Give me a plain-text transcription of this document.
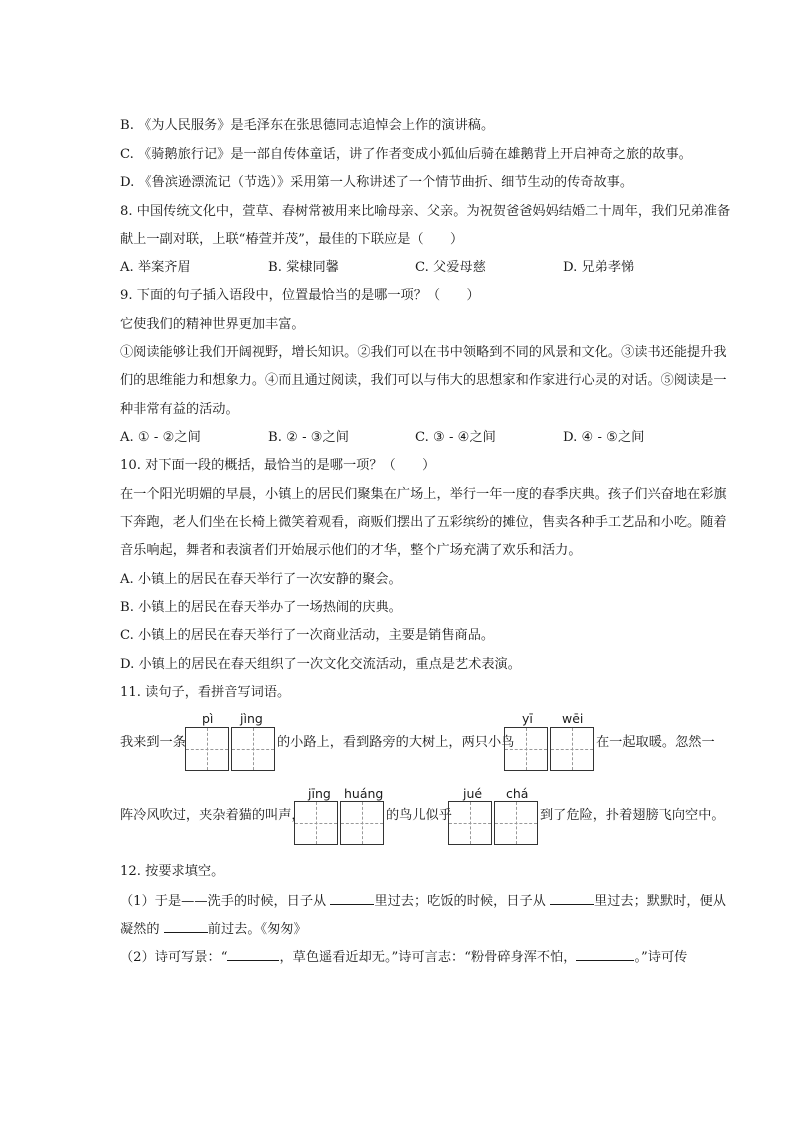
B. 《为人民服务》是毛泽东在张思德同志追悼会上作的演讲稿。
C. 《骑鹅旅行记》是一部自传体童话，讲了作者变成小狐仙后骑在雄鹅背上开启神奇之旅的故事。
D. 《鲁滨逊漂流记（节选）》采用第一人称讲述了一个情节曲折、细节生动的传奇故事。
8. 中国传统文化中，萱草、春树常被用来比喻母亲、父亲。为祝贺爸爸妈妈结婚二十周年，我们兄弟准备
献上一副对联，上联“椿萱并茂”，最佳的下联应是（　　）
A. 举案齐眉	B. 棠棣同馨	C. 父爱母慈	D. 兄弟孝悌
9. 下面的句子插入语段中，位置最恰当的是哪一项？（　　）
它使我们的精神世界更加丰富。
①阅读能够让我们开阔视野，增长知识。②我们可以在书中领略到不同的风景和文化。③读书还能提升我
们的思维能力和想象力。④而且通过阅读，我们可以与伟大的思想家和作家进行心灵的对话。⑤阅读是一
种非常有益的活动。
A. ① - ②之间	B. ② - ③之间	C. ③ - ④之间	D. ④ - ⑤之间
10. 对下面一段的概括，最恰当的是哪一项？（　　）
在一个阳光明媚的早晨，小镇上的居民们聚集在广场上，举行一年一度的春季庆典。孩子们兴奋地在彩旗
下奔跑，老人们坐在长椅上微笑着观看，商贩们摆出了五彩缤纷的摊位，售卖各种手工艺品和小吃。随着
音乐响起，舞者和表演者们开始展示他们的才华，整个广场充满了欢乐和活力。
A. 小镇上的居民在春天举行了一次安静的聚会。
B. 小镇上的居民在春天举办了一场热闹的庆典。
C. 小镇上的居民在春天举行了一次商业活动，主要是销售商品。
D. 小镇上的居民在春天组织了一次文化交流活动，重点是艺术表演。
11. 读句子，看拼音写词语。
pì jìng	yī wēi
我来到一条	的小路上，看到路旁的大树上，两只小鸟	在一起取暖。忽然一
jīng huáng	jué chá
阵冷风吹过，夹杂着猫的叫声，	的鸟儿似乎	到了危险，扑着翅膀飞向空中。
12. 按要求填空。
（1）于是——洗手的时候，日子从	里过去；吃饭的时候，日子从	里过去；默默时，便从
凝然的	前过去。《匆匆》
（2）诗可写景：“	，草色遥看近却无。”诗可言志：“粉骨碎身浑不怕，	。”诗可传
